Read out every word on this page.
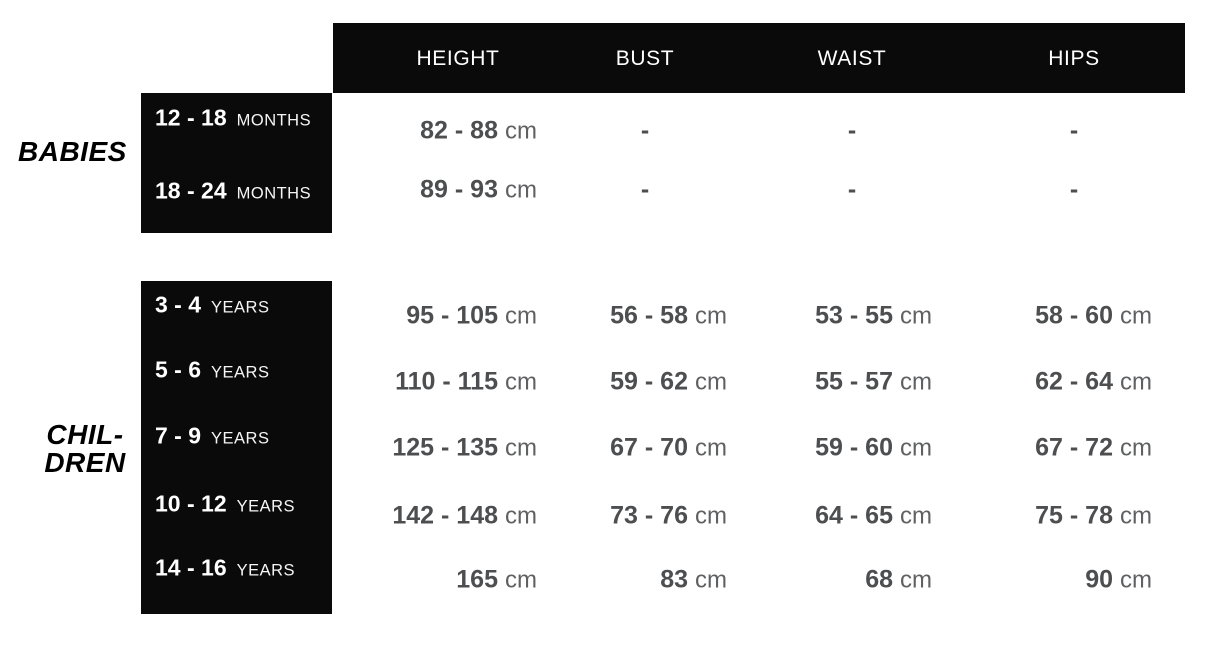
HEIGHT	BUST	WAIST	HIPS
BABIES
12 - 18 MONTHS	82 - 88 cm	-	-	-
18 - 24 MONTHS	89 - 93 cm	-	-	-
CHIL-
DREN
3 - 4 YEARS	95 - 105 cm	56 - 58 cm	53 - 55 cm	58 - 60 cm
5 - 6 YEARS	110 - 115 cm	59 - 62 cm	55 - 57 cm	62 - 64 cm
7 - 9 YEARS	125 - 135 cm	67 - 70 cm	59 - 60 cm	67 - 72 cm
10 - 12 YEARS	142 - 148 cm	73 - 76 cm	64 - 65 cm	75 - 78 cm
14 - 16 YEARS	165 cm	83 cm	68 cm	90 cm
